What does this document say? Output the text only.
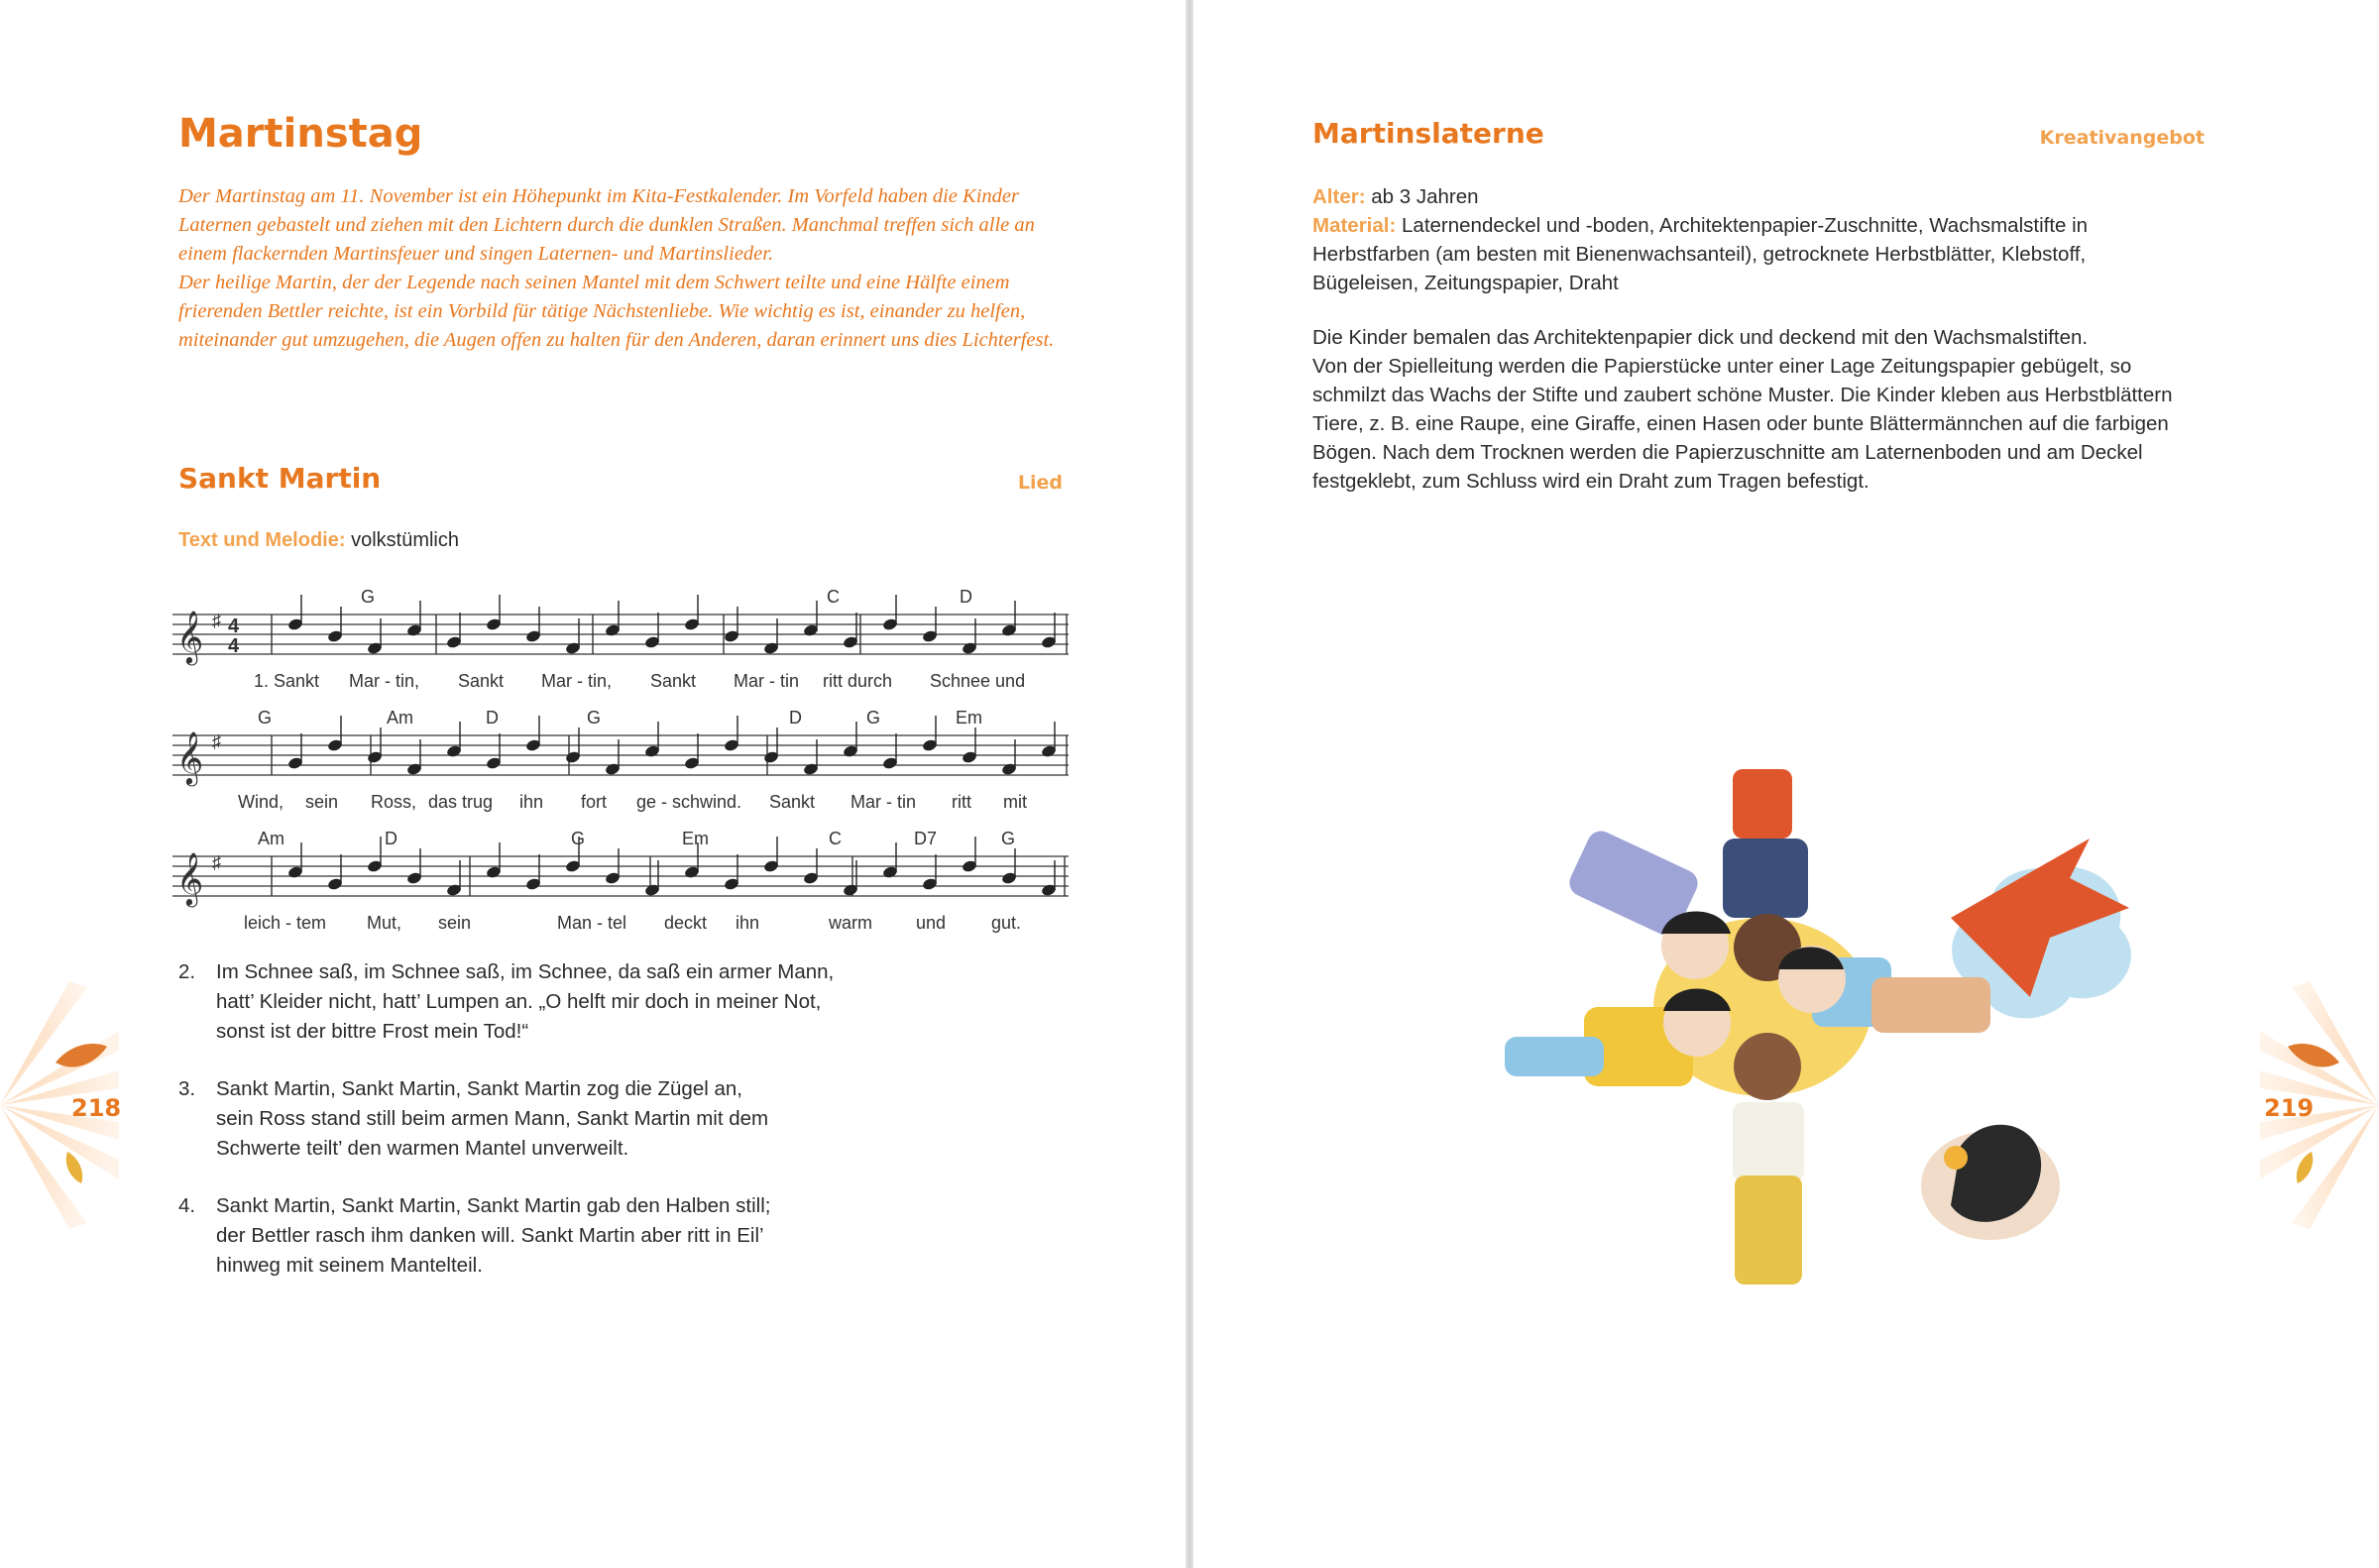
Martinstag

Der Martinstag am 11. November ist ein Höhepunkt im Kita-Festkalender. Im Vorfeld haben die Kinder Laternen gebastelt und ziehen mit den Lichtern durch die dunklen Straßen. Manchmal treffen sich alle an einem flackernden Martinsfeuer und singen Laternen- und Martinslieder.

Der heilige Martin, der der Legende nach seinen Mantel mit dem Schwert teilte und eine Hälfte einem frierenden Bettler reichte, ist ein Vorbild für tätige Nächstenliebe. Wie wichtig es ist, einander zu helfen, miteinander gut umzugehen, die Augen offen zu halten für den Anderen, daran erinnert uns dies Lichterfest.

Sankt Martin	Lied
Text und Melodie: volkstümlich
𝄞 ♯ 4
4
𝄞 ♯
𝄞 ♯
G	C	D
1. Sankt Mar - tin, Sankt Mar - tin, Sankt Mar - tin ritt durch Schnee und
G	Am	D	G	D	G	Em
Wind, sein Ross, das trug ihn fort ge - schwind. Sankt Mar - tin ritt mit
Am	D	G	Em	C	D7	G
leich - tem Mut, sein	Man - tel deckt ihn	warm und	gut.
2. Im Schnee saß, im Schnee saß, im Schnee, da saß ein armer Mann,
hatt’ Kleider nicht, hatt’ Lumpen an. „O helft mir doch in meiner Not,
sonst ist der bittre Frost mein Tod!“
3. Sankt Martin, Sankt Martin, Sankt Martin zog die Zügel an,
sein Ross stand still beim armen Mann, Sankt Martin mit dem
Schwerte teilt’ den warmen Mantel unverweilt.
4. Sankt Martin, Sankt Martin, Sankt Martin gab den Halben still;
der Bettler rasch ihm danken will. Sankt Martin aber ritt in Eil’
hinweg mit seinem Mantelteil.
218
Martinslaterne	Kreativangebot

Alter: ab 3 Jahren

Material: Laternendeckel und -boden, Architektenpapier-Zuschnitte, Wachsmalstifte in Herbstfarben (am besten mit Bienenwachsanteil), getrocknete Herbstblätter, Klebstoff, Bügeleisen, Zeitungspapier, Draht

Die Kinder bemalen das Architektenpapier dick und deckend mit den Wachsmalstiften.

Von der Spielleitung werden die Papierstücke unter einer Lage Zeitungspapier gebügelt, so schmilzt das Wachs der Stifte und zaubert schöne Muster. Die Kinder kleben aus Herbstblättern Tiere, z. B. eine Raupe, eine Giraffe, einen Hasen oder bunte Blättermännchen auf die farbigen Bögen. Nach dem Trocknen werden die Papierzuschnitte am Laternenboden und am Deckel festgeklebt, zum Schluss wird ein Draht zum Tragen befestigt.

219
